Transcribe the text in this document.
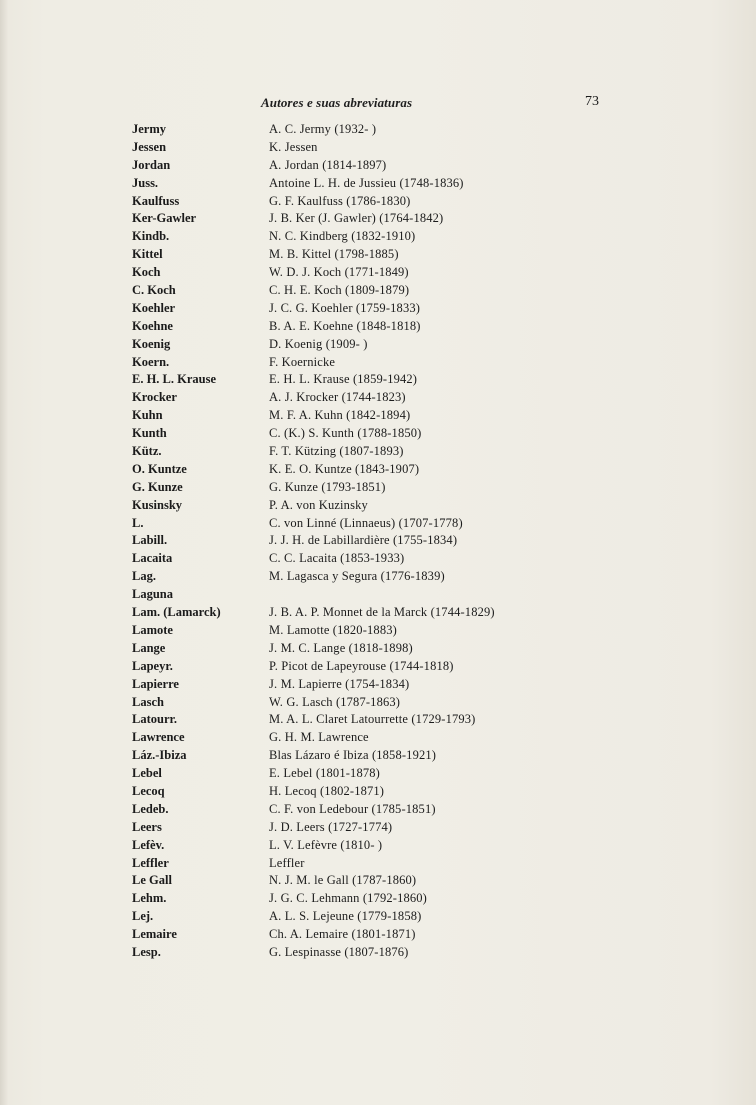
Autores e suas abreviaturas	73
Jermy	A. C. Jermy (1932- )
Jessen	K. Jessen
Jordan	A. Jordan (1814-1897)
Juss.	Antoine L. H. de Jussieu (1748-1836)
Kaulfuss	G. F. Kaulfuss (1786-1830)
Ker-Gawler	J. B. Ker (J. Gawler) (1764-1842)
Kindb.	N. C. Kindberg (1832-1910)
Kittel	M. B. Kittel (1798-1885)
Koch	W. D. J. Koch (1771-1849)
C. Koch	C. H. E. Koch (1809-1879)
Koehler	J. C. G. Koehler (1759-1833)
Koehne	B. A. E. Koehne (1848-1818)
Koenig	D. Koenig (1909- )
Koern.	F. Koernicke
E. H. L. Krause	E. H. L. Krause (1859-1942)
Krocker	A. J. Krocker (1744-1823)
Kuhn	M. F. A. Kuhn (1842-1894)
Kunth	C. (K.) S. Kunth (1788-1850)
Kütz.	F. T. Kützing (1807-1893)
O. Kuntze	K. E. O. Kuntze (1843-1907)
G. Kunze	G. Kunze (1793-1851)
Kusinsky	P. A. von Kuzinsky
L.	C. von Linné (Linnaeus) (1707-1778)
Labill.	J. J. H. de Labillardière (1755-1834)
Lacaita	C. C. Lacaita (1853-1933)
Lag.	M. Lagasca y Segura (1776-1839)
Laguna
Lam. (Lamarck)	J. B. A. P. Monnet de la Marck (1744-1829)
Lamote	M. Lamotte (1820-1883)
Lange	J. M. C. Lange (1818-1898)
Lapeyr.	P. Picot de Lapeyrouse (1744-1818)
Lapierre	J. M. Lapierre (1754-1834)
Lasch	W. G. Lasch (1787-1863)
Latourr.	M. A. L. Claret Latourrette (1729-1793)
Lawrence	G. H. M. Lawrence
Láz.-Ibiza	Blas Lázaro é Ibiza (1858-1921)
Lebel	E. Lebel (1801-1878)
Lecoq	H. Lecoq (1802-1871)
Ledeb.	C. F. von Ledebour (1785-1851)
Leers	J. D. Leers (1727-1774)
Lefèv.	L. V. Lefèvre (1810- )
Leffler	Leffler
Le Gall	N. J. M. le Gall (1787-1860)
Lehm.	J. G. C. Lehmann (1792-1860)
Lej.	A. L. S. Lejeune (1779-1858)
Lemaire	Ch. A. Lemaire (1801-1871)
Lesp.	G. Lespinasse (1807-1876)
